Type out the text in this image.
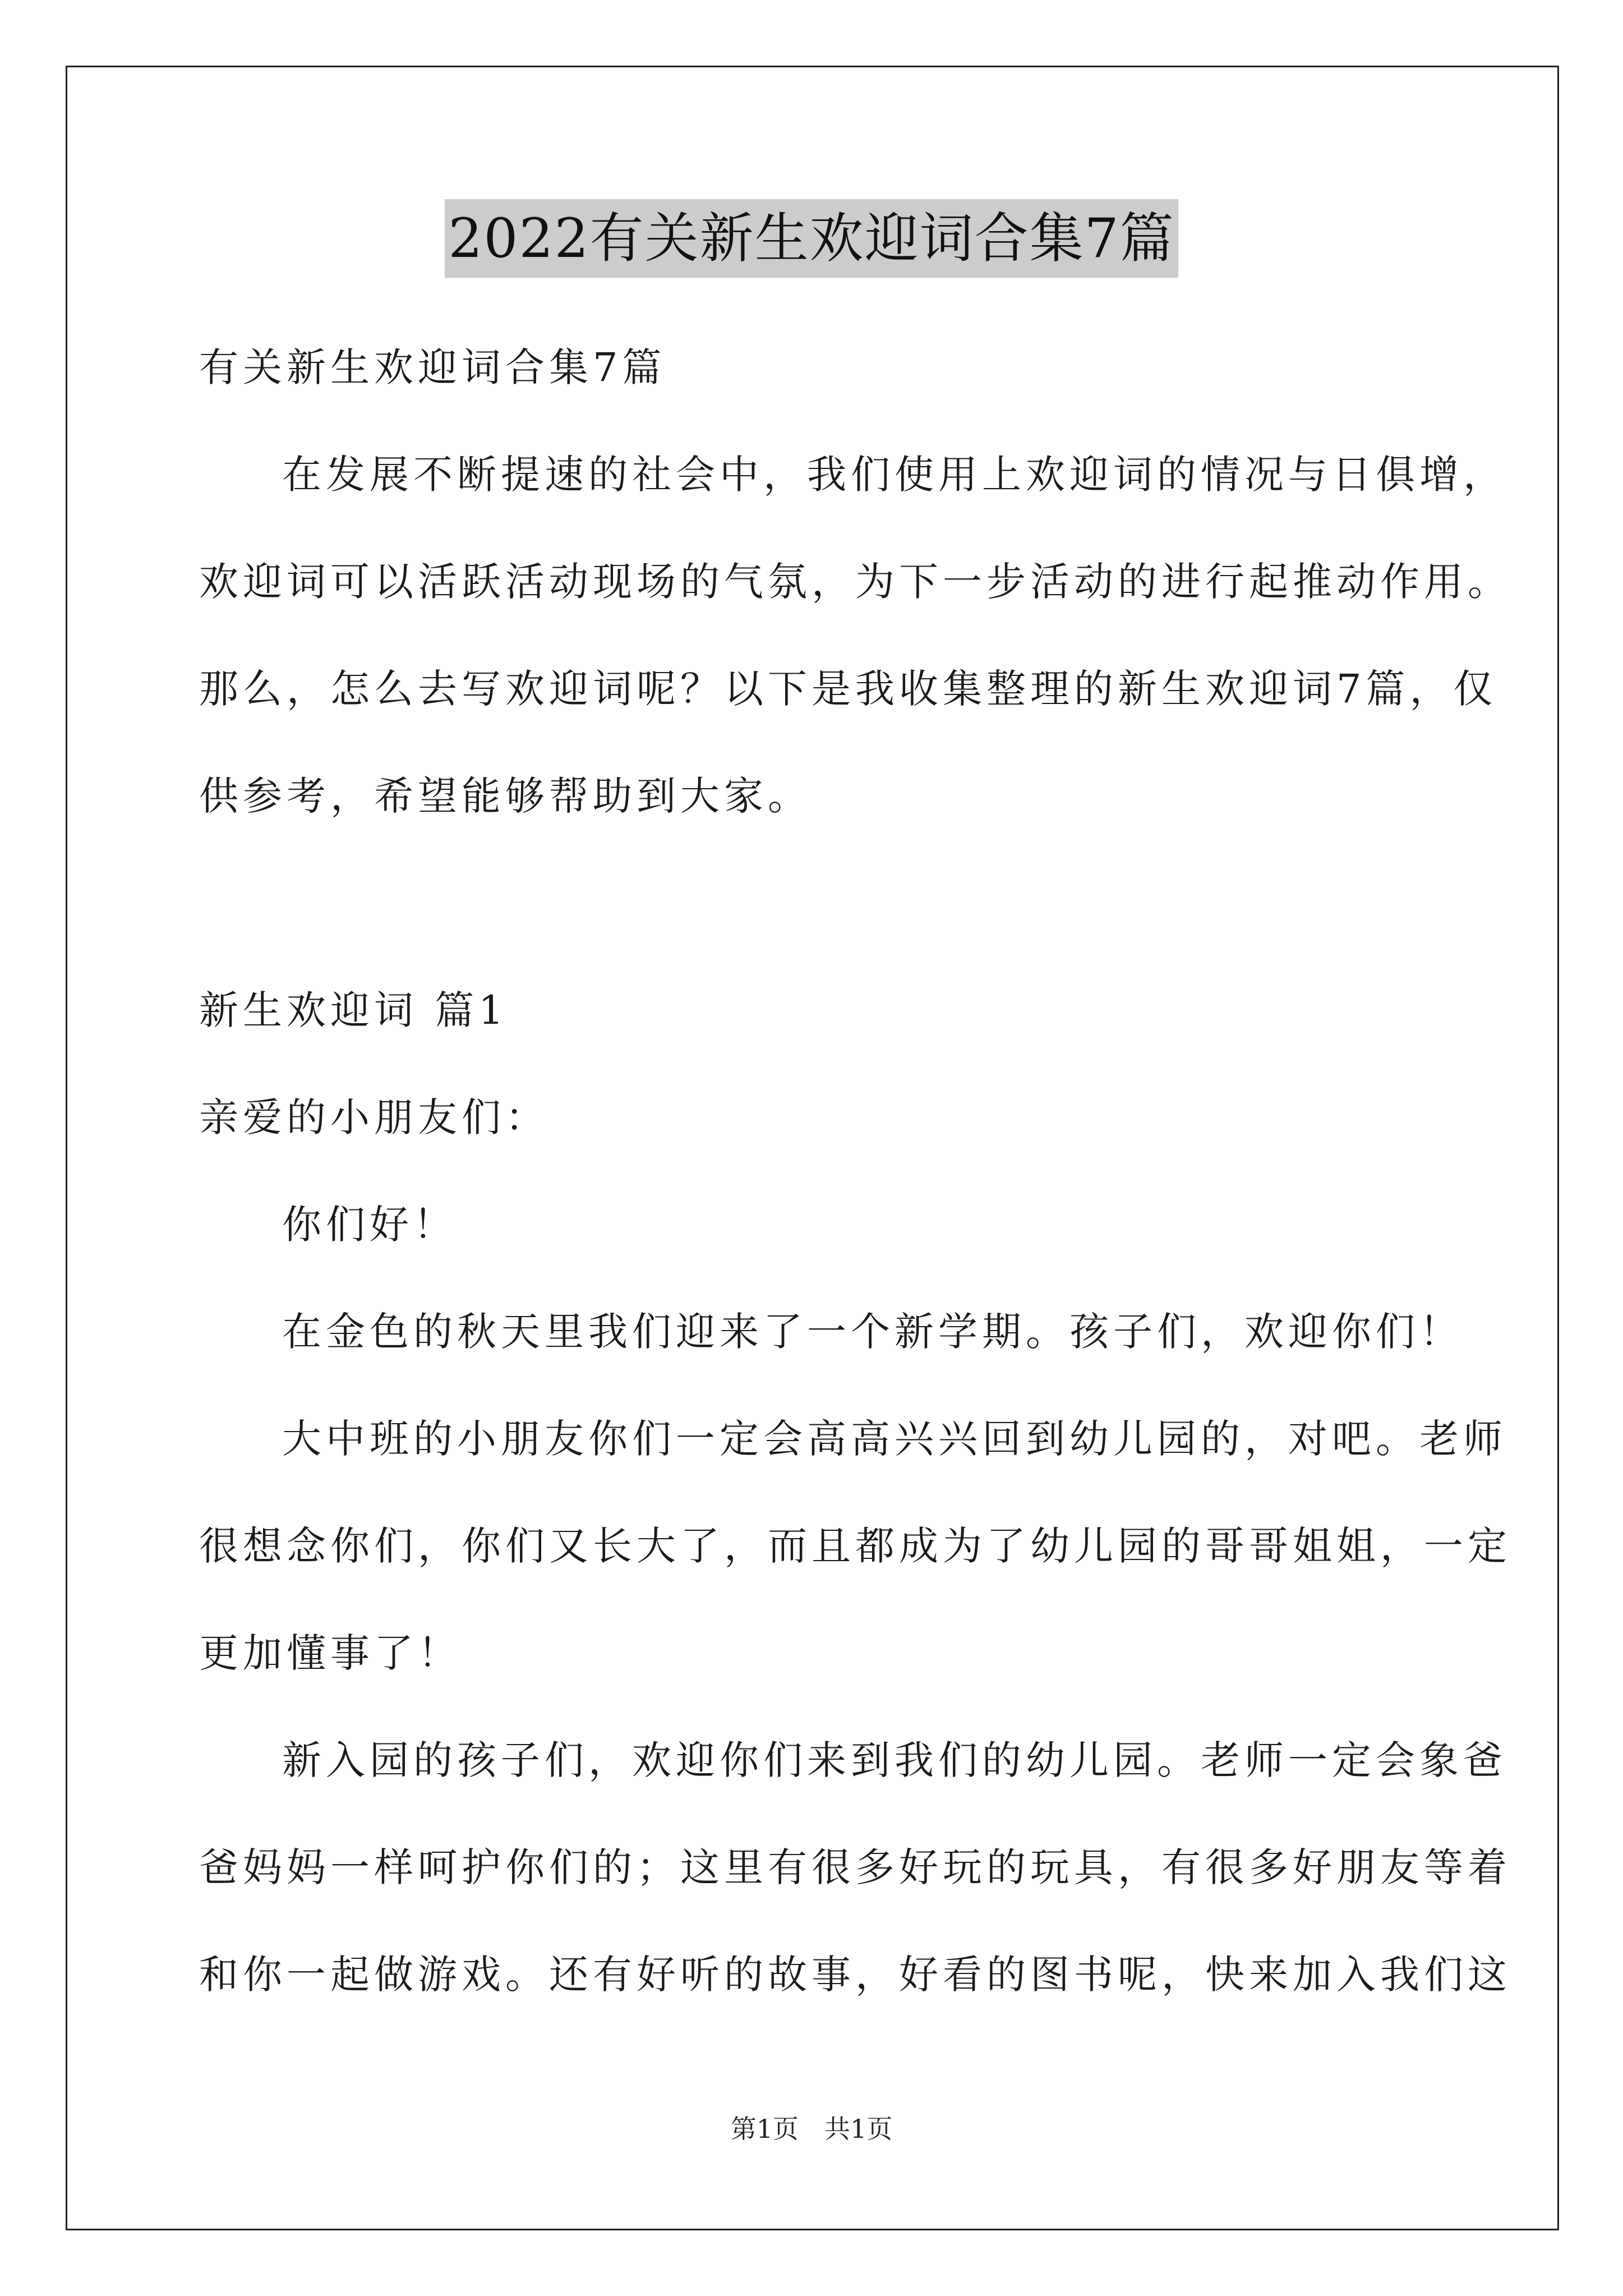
2022有关新生欢迎词合集7篇
有关新生欢迎词合集7篇
在发展不断提速的社会中，我们使用上欢迎词的情况与日俱增，
欢迎词可以活跃活动现场的气氛，为下一步活动的进行起推动作用。
那么，怎么去写欢迎词呢？以下是我收集整理的新生欢迎词7篇，仅
供参考，希望能够帮助到大家。
新生欢迎词 篇1
亲爱的小朋友们：
你们好！
在金色的秋天里我们迎来了一个新学期。孩子们，欢迎你们！
大中班的小朋友你们一定会高高兴兴回到幼儿园的，对吧。老师
很想念你们，你们又长大了，而且都成为了幼儿园的哥哥姐姐，一定
更加懂事了！
新入园的孩子们，欢迎你们来到我们的幼儿园。老师一定会象爸
爸妈妈一样呵护你们的；这里有很多好玩的玩具，有很多好朋友等着
和你一起做游戏。还有好听的故事，好看的图书呢，快来加入我们这
第1页　共1页
